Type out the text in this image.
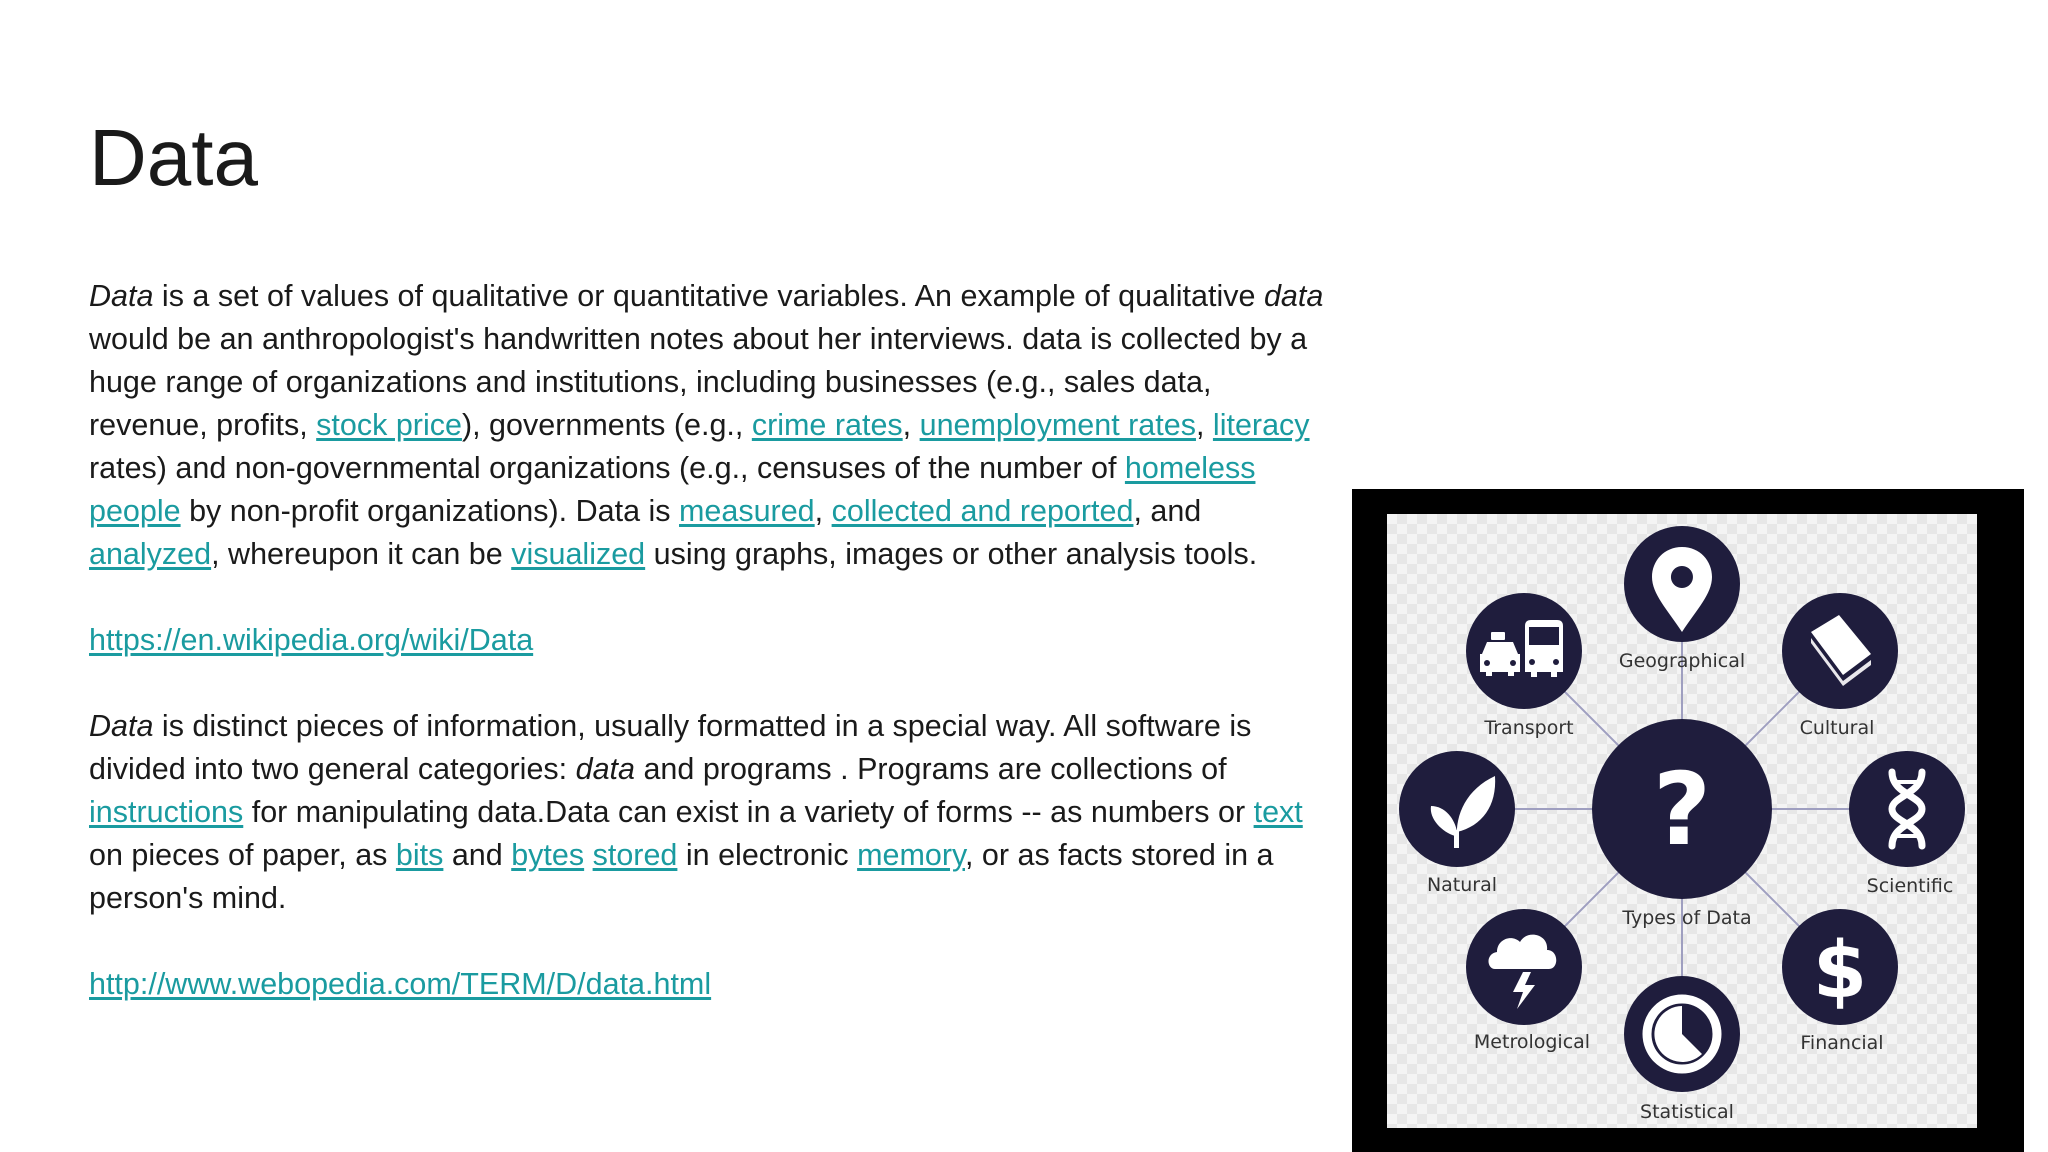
Data

Data is a set of values of qualitative or quantitative variables. An example of qualitative data would be an anthropologist's handwritten notes about her interviews. data is collected by a huge range of organizations and institutions, including businesses (e.g., sales data, revenue, profits, stock price), governments (e.g., crime rates, unemployment rates, literacy rates) and non-governmental organizations (e.g., censuses of the number of homeless people by non-profit organizations). Data is measured, collected and reported, and analyzed, whereupon it can be visualized using graphs, images or other analysis tools.

https://en.wikipedia.org/wiki/Data

Data is distinct pieces of information, usually formatted in a special way. All software is divided into two general categories: data and programs . Programs are collections of instructions for manipulating data.Data can exist in a variety of forms -- as numbers or text on pieces of paper, as bits and bytes stored in electronic memory, or as facts stored in a person's mind.

http://www.webopedia.com/TERM/D/data.html

?
Types of Data
Geographical
Cultural
Scientific
$
Financial
Statistical
Metrological
Natural
Transport
